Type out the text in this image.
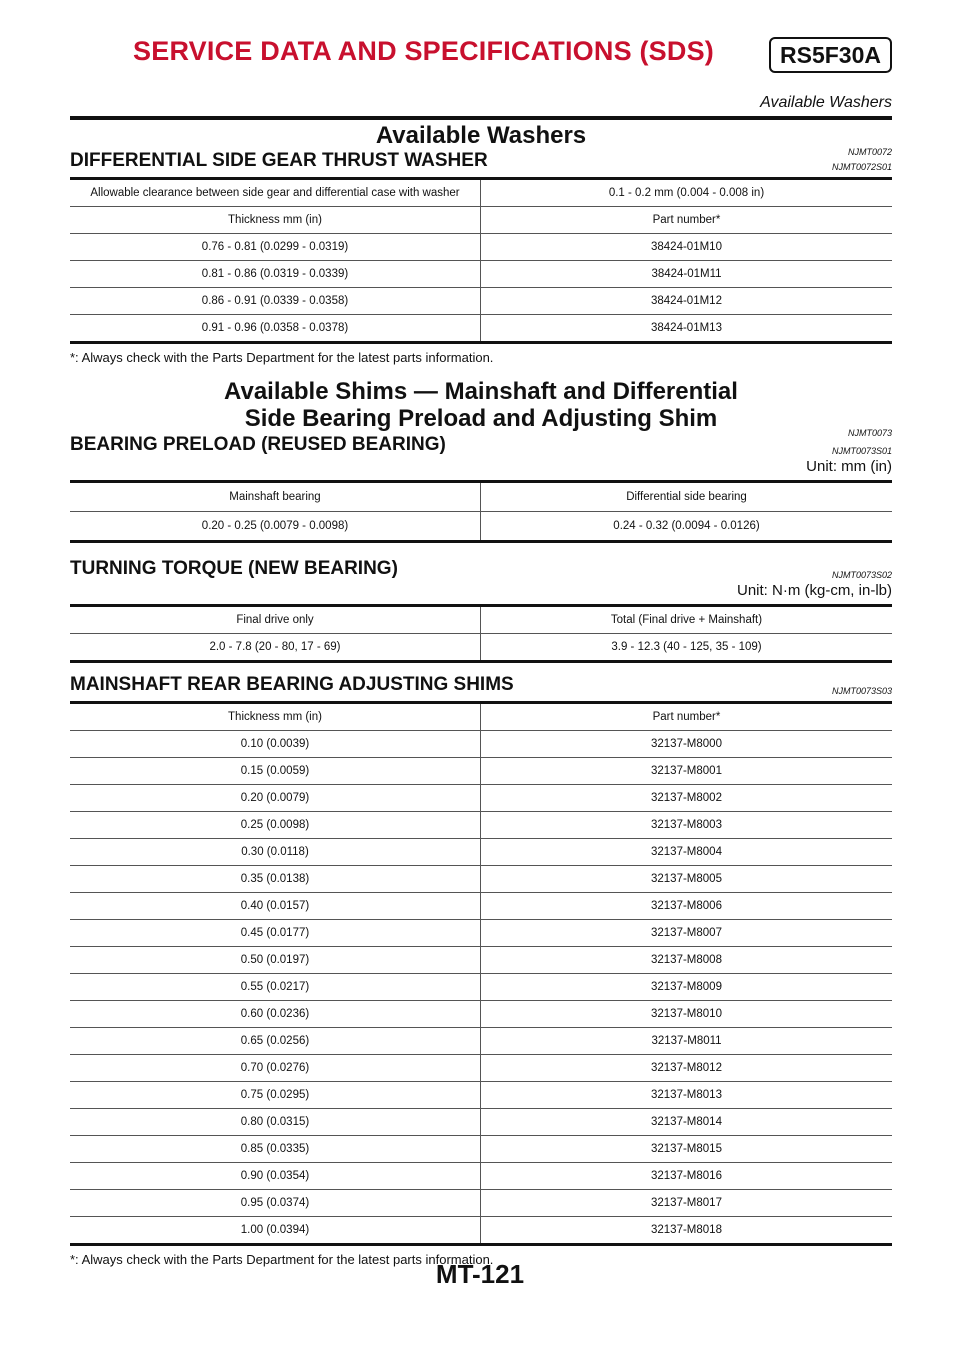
SERVICE DATA AND SPECIFICATIONS (SDS)	RS5F30A
Available Washers
Available Washers
NJMT0072
DIFFERENTIAL SIDE GEAR THRUST WASHER	NJMT0072S01
Allowable clearance between side gear and differential case with washer	0.1 - 0.2 mm (0.004 - 0.008 in)
Thickness mm (in)	Part number*
0.76 - 0.81 (0.0299 - 0.0319)	38424-01M10
0.81 - 0.86 (0.0319 - 0.0339)	38424-01M11
0.86 - 0.91 (0.0339 - 0.0358)	38424-01M12
0.91 - 0.96 (0.0358 - 0.0378)	38424-01M13
*: Always check with the Parts Department for the latest parts information.
Available Shims — Mainshaft and Differential
Side Bearing Preload and Adjusting Shim
NJMT0073
BEARING PRELOAD (REUSED BEARING)	NJMT0073S01
Unit: mm (in)
Mainshaft bearing	Differential side bearing
0.20 - 0.25 (0.0079 - 0.0098)	0.24 - 0.32 (0.0094 - 0.0126)
TURNING TORQUE (NEW BEARING)	NJMT0073S02
Unit: N·m (kg-cm, in-lb)
Final drive only	Total (Final drive + Mainshaft)
2.0 - 7.8 (20 - 80, 17 - 69)	3.9 - 12.3 (40 - 125, 35 - 109)
MAINSHAFT REAR BEARING ADJUSTING SHIMS	NJMT0073S03
Thickness mm (in)	Part number*
0.10 (0.0039)	32137-M8000
0.15 (0.0059)	32137-M8001
0.20 (0.0079)	32137-M8002
0.25 (0.0098)	32137-M8003
0.30 (0.0118)	32137-M8004
0.35 (0.0138)	32137-M8005
0.40 (0.0157)	32137-M8006
0.45 (0.0177)	32137-M8007
0.50 (0.0197)	32137-M8008
0.55 (0.0217)	32137-M8009
0.60 (0.0236)	32137-M8010
0.65 (0.0256)	32137-M8011
0.70 (0.0276)	32137-M8012
0.75 (0.0295)	32137-M8013
0.80 (0.0315)	32137-M8014
0.85 (0.0335)	32137-M8015
0.90 (0.0354)	32137-M8016
0.95 (0.0374)	32137-M8017
1.00 (0.0394)	32137-M8018
*: Always check with the Parts Department for the latest parts information.
MT-121
